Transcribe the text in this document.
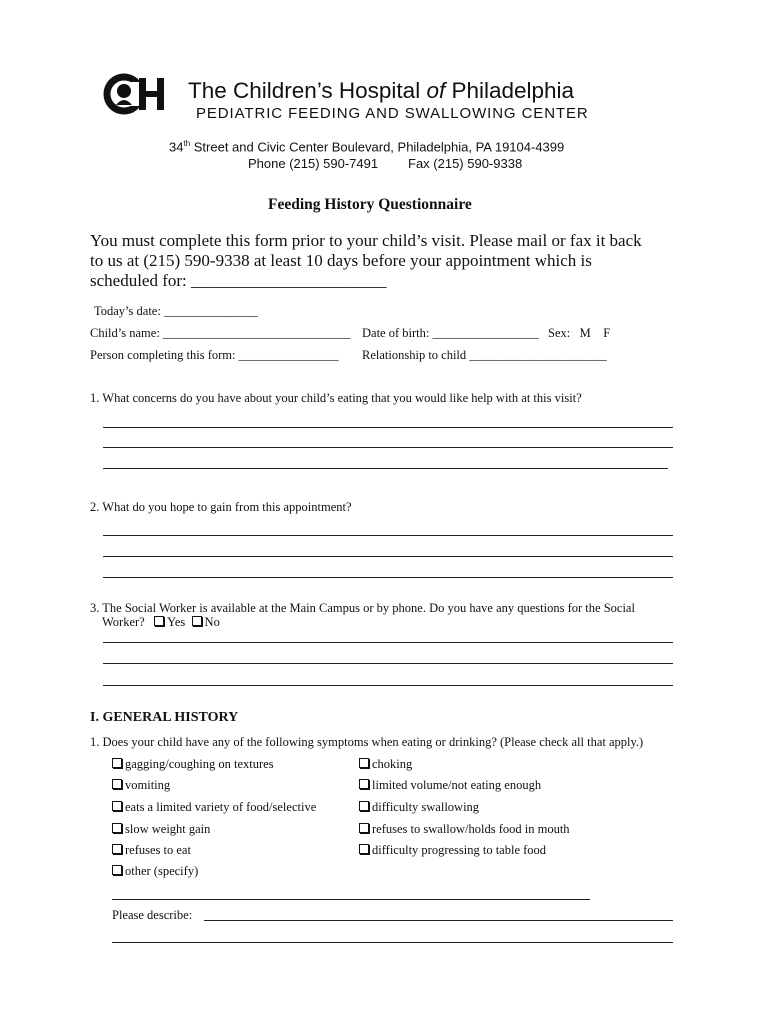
The Children’s Hospital of Philadelphia
PEDIATRIC FEEDING AND SWALLOWING CENTER
34th Street and Civic Center Boulevard, Philadelphia, PA 19104-4399
Phone (215) 590-7491 Fax (215) 590-9338
Feeding History Questionnaire
You must complete this form prior to your child’s visit. Please mail or fax it back
to us at (215) 590-9338 at least 10 days before your appointment which is
scheduled for: _______________________
Today’s date: _______________
Child’s name: ______________________________ Date of birth: _________________ Sex:   M    F
Person completing this form: ________________ Relationship to child ______________________
1. What concerns do you have about your child’s eating that you would like help with at this visit?
2. What do you hope to gain from this appointment?
3. The Social Worker is available at the Main Campus or by phone. Do you have any questions for the Social
Worker? Yes No
I. GENERAL HISTORY
1. Does your child have any of the following symptoms when eating or drinking? (Please check all that apply.)
gagging/coughing on textures
vomiting
eats a limited variety of food/selective
slow weight gain
refuses to eat
other (specify)
choking
limited volume/not eating enough
difficulty swallowing
refuses to swallow/holds food in mouth
difficulty progressing to table food
Please describe:
